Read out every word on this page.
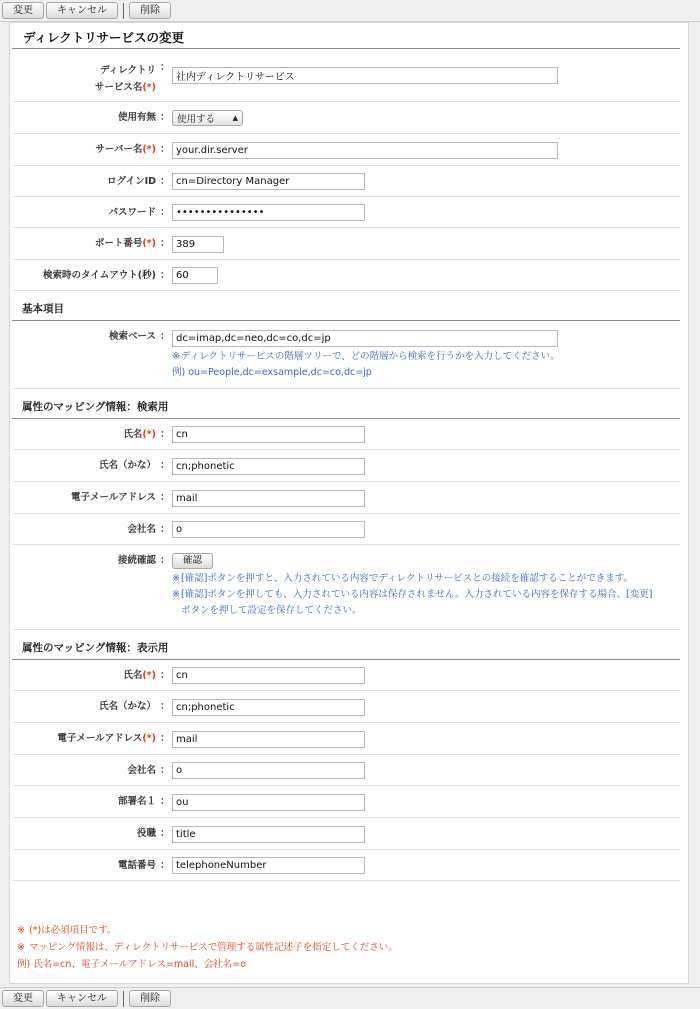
変更	キャンセル	削除
ディレクトリサービスの変更
ディレクトリ
サービス名(*)
：
社内ディレクトリサービス
使用有無 ： 使用する	▲

サーバー名(*) ：
your.dir.server
ログインID ：
cn=Directory Manager
パスワード ：
•••••••••••••••
ポート番号(*) ：
389
検索時のタイムアウト(秒) ：
60
基本項目
検索ベース ：
dc=imap,dc=neo,dc=co,dc=jp
※ディレクトリサービスの階層ツリーで、どの階層から検索を行うかを入力してください。
例) ou=People,dc=exsample,dc=co,dc=jp
属性のマッピング情報：検索用
氏名(*) ：
cn
氏名（かな） ：
cn;phonetic
電子メールアドレス ：
mail
会社名 ：
o
接続確認 ：	確認
※[確認]ボタンを押すと、入力されている内容でディレクトリサービスとの接続を確認することができます。
※[確認]ボタンを押しても、入力されている内容は保存されません。入力されている内容を保存する場合、[変更]
ボタンを押して設定を保存してください。
属性のマッピング情報：表示用
氏名(*) ：
cn
氏名（かな） ：
cn;phonetic
電子メールアドレス(*) ：
mail
会社名 ：
o
部署名１ ：
ou
役職 ：
title
電話番号 ：
telephoneNumber
※ (*)は必須項目です。
※ マッピング情報は、ディレクトリサービスで管理する属性記述子を指定してください。
例) 氏名=cn、電子メールアドレス=mail、会社名=o
変更	キャンセル	削除
